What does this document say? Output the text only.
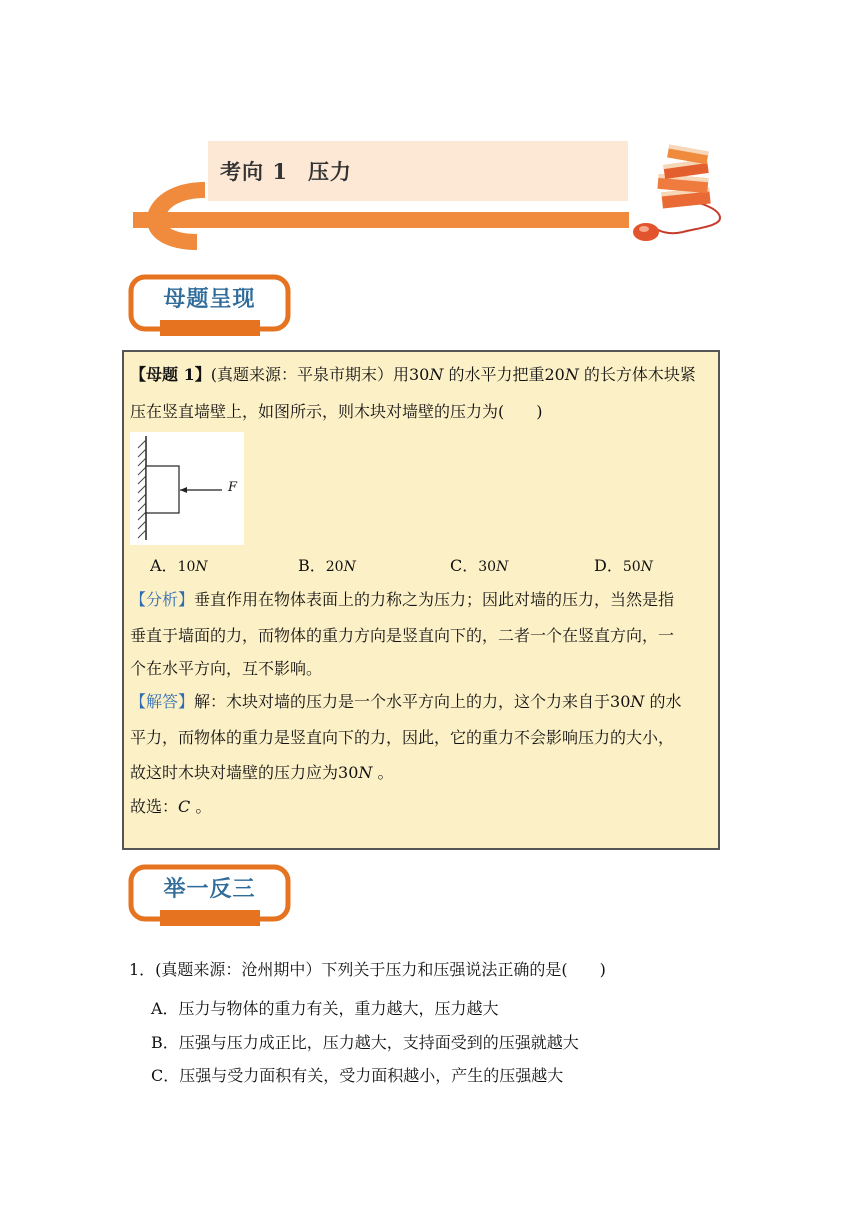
考向 1 压力
母题呈现
【母题 1】(真题来源：平泉市期末）用30N 的水平力把重20N 的长方体木块紧
压在竖直墙壁上，如图所示，则木块对墙壁的压力为(　　)
F
A．10N	B．20N	C．30N	D．50N
【分析】垂直作用在物体表面上的力称之为压力；因此对墙的压力，当然是指
垂直于墙面的力，而物体的重力方向是竖直向下的，二者一个在竖直方向，一
个在水平方向，互不影响。
【解答】解：木块对墙的压力是一个水平方向上的力，这个力来自于30N 的水
平力，而物体的重力是竖直向下的力，因此，它的重力不会影响压力的大小，
故这时木块对墙壁的压力应为30N 。
故选：C 。
举一反三
1．(真题来源：沧州期中）下列关于压力和压强说法正确的是(　　)
A．压力与物体的重力有关，重力越大，压力越大
B．压强与压力成正比，压力越大，支持面受到的压强就越大
C．压强与受力面积有关，受力面积越小，产生的压强越大
